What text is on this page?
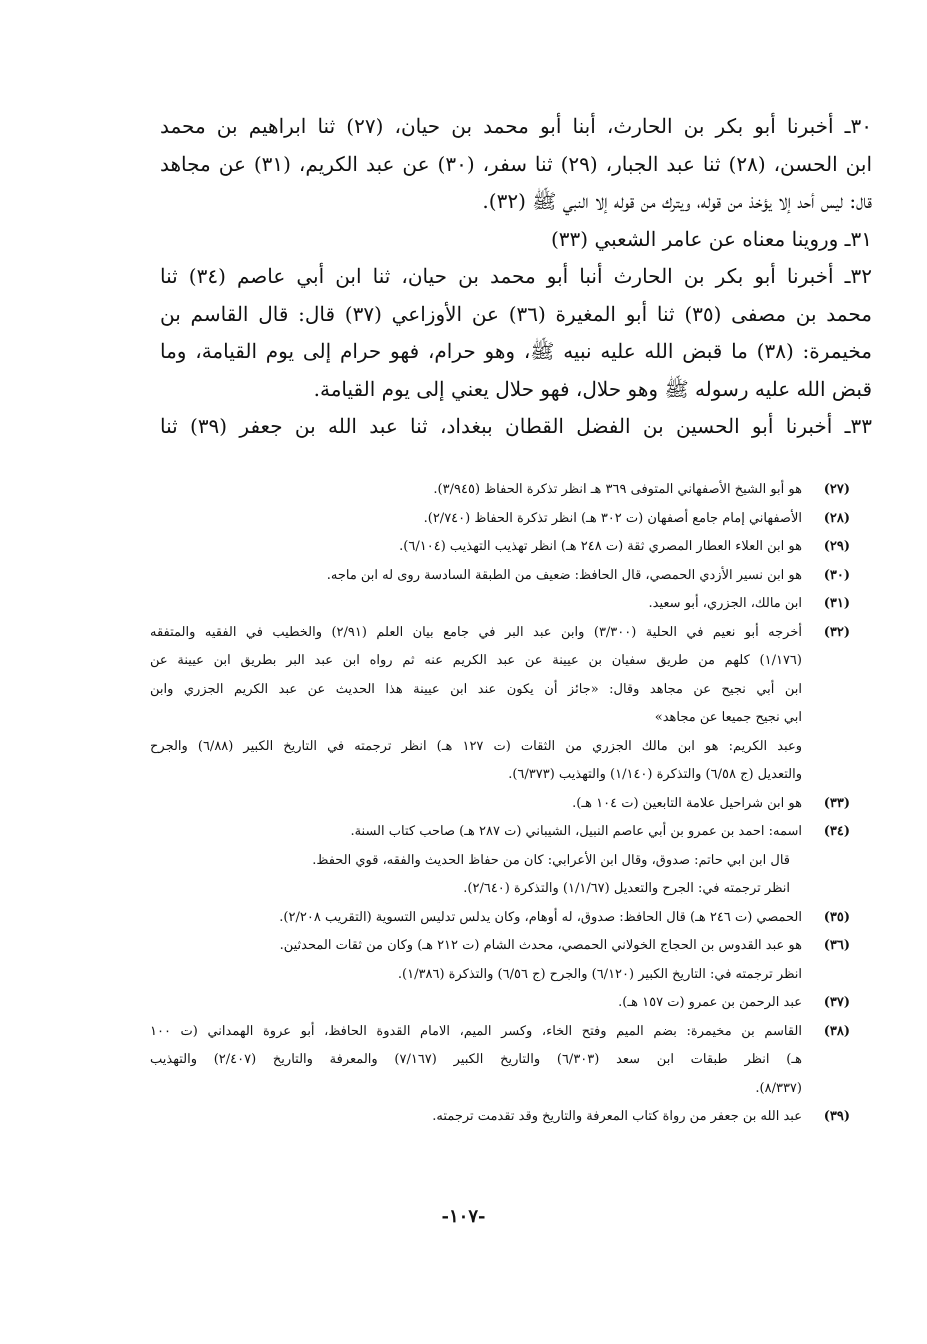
٣٠ـ أخبرنا أبو بكر بن الحارث، أبنا أبو محمد بن حيان، (٢٧) ثنا ابراهيم بن محمد
ابن الحسن، (٢٨) ثنا عبد الجبار، (٢٩) ثنا سفر، (٣٠) عن عبد الكريم، (٣١) عن مجاهد
قال: ليس أحد إلا يؤخذ من قوله، ويترك من قوله إلا النبي ﷺ (٣٢).
٣١ـ وروينا معناه عن عامر الشعبي (٣٣)
٣٢ـ أخبرنا أبو بكر بن الحارث أنبا أبو محمد بن حيان، ثنا ابن أبي عاصم (٣٤) ثنا
محمد بن مصفى (٣٥) ثنا أبو المغيرة (٣٦) عن الأوزاعي (٣٧) قال: قال القاسم بن
مخيمرة: (٣٨) ما قبض الله عليه نبيه ﷺ، وهو حرام، فهو حرام إلى يوم القيامة، وما
قبض الله عليه رسوله ﷺ وهو حلال، فهو حلال يعني إلى يوم القيامة.
٣٣ـ أخبرنا أبو الحسين بن الفضل القطان ببغداد، ثنا عبد الله بن جعفر (٣٩) ثنا
(٢٧)
هو أبو الشيخ الأصفهاني المتوفى ٣٦٩ هـ انظر تذكرة الحفاظ (٣/٩٤٥).
(٢٨)
الأصفهاني إمام جامع أصفهان (ت ٣٠٢ هـ) انظر تذكرة الحفاظ (٢/٧٤٠).
(٢٩)
هو ابن العلاء العطار المصري ثقة (ت ٢٤٨ هـ) انظر تهذيب التهذيب (٦/١٠٤).
(٣٠)
هو ابن نسير الأزدي الحمصي، قال الحافظ: ضعيف من الطبقة السادسة روى له ابن ماجه.
(٣١)
ابن مالك، الجزري، أبو سعيد.
(٣٢)
أخرجه أبو نعيم في الحلية (٣/٣٠٠) وابن عبد البر في جامع بيان العلم (٢/٩١) والخطيب في الفقيه والمتفقه
(١/١٧٦) كلهم من طريق سفيان بن عيينة عن عبد الكريم عنه ثم رواه ابن عبد البر بطريق ابن عيينة عن
ابن أبي نجيح عن مجاهد وقال: «جائز أن يكون عند ابن عيينة هذا الحديث عن عبد الكريم الجزري وابن
ابي نجيح جميعا عن مجاهد»
وعبد الكريم: هو ابن مالك الجزري من الثقات (ت ١٢٧ هـ) انظر ترجمته في التاريخ الكبير (٦/٨٨) والجرح
والتعديل (ج ٦/٥٨) والتذكرة (١/١٤٠) والتهذيب (٦/٣٧٣).
(٣٣)
هو ابن شراحيل علامة التابعين (ت ١٠٤ هـ).
(٣٤)
اسمه: احمد بن عمرو بن أبي عاصم النبيل، الشيباني (ت ٢٨٧ هـ) صاحب كتاب السنة.
قال ابن ابي حاتم: صدوق، وقال ابن الأعرابي: كان من حفاظ الحديث والفقه، قوي الحفظ.
انظر ترجمته في: الجرح والتعديل (١/١/٦٧) والتذكرة (٢/٦٤٠).
(٣٥)
الحمصي (ت ٢٤٦ هـ) قال الحافظ: صدوق، له أوهام، وكان يدلس تدليس التسوية (التقريب ٢/٢٠٨).
(٣٦)
هو عبد القدوس بن الحجاج الخولاني الحمصي، محدث الشام (ت ٢١٢ هـ) وكان من ثقات المحدثين.
انظر ترجمته في: التاريخ الكبير (٦/١٢٠) والجرح (ج ٦/٥٦) والتذكرة (١/٣٨٦).
(٣٧)
عبد الرحمن بن عمرو (ت ١٥٧ هـ).
(٣٨)
القاسم بن مخيمرة: بضم الميم وفتح الخاء، وكسر الميم، الامام القدوة الحافظ، أبو عروة الهمداني (ت ١٠٠
هـ) انظر طبقات ابن سعد (٦/٣٠٣) والتاريخ الكبير (٧/١٦٧) والمعرفة والتاريخ (٢/٤٠٧) والتهذيب
(٨/٣٣٧).
(٣٩)
عبد الله بن جعفر من رواة كتاب المعرفة والتاريخ وقد تقدمت ترجمته.
-١٠٧-
